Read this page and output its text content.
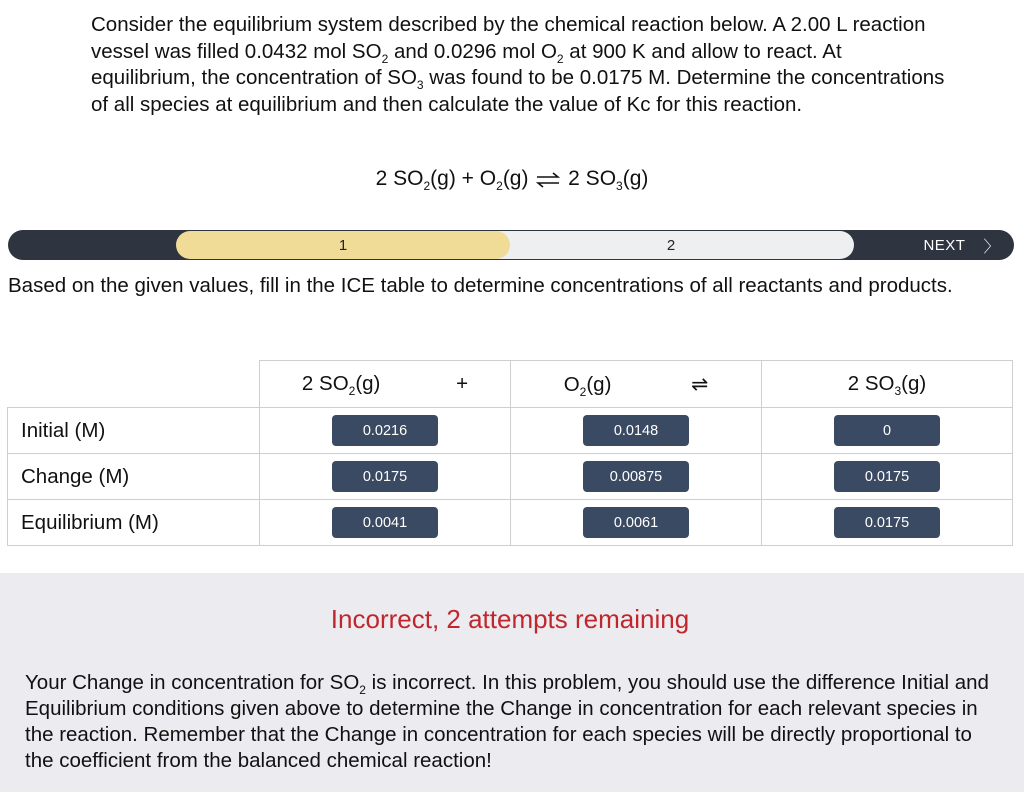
Consider the equilibrium system described by the chemical reaction below. A 2.00 L reaction vessel was filled 0.0432 mol $SO_2$ and 0.0296 mol $O_2$ at 900 K and allow to react. At equilibrium, the concentration of $SO_3$ was found to be 0.0175 M. Determine the concentrations of all species at equilibrium and then calculate the value of Kc for this reaction.

2 $SO_2(g) + O_2(g)$ ⇌ 2 $SO_3(g)$
2
1	NEXT 〉

Based on the given values, fill in the ICE table to determine concentrations of all reactants and products.

	2 $SO_2(g)$ +	$O_2(g)$ ⇌	2 $SO_3(g)$
Initial (M)	0.0216	0.0148	0
Change (M)	0.0175	0.00875	0.0175
Equilibrium (M)	0.0041	0.0061	0.0175
Incorrect, 2 attempts remaining

Your Change in concentration for $SO_2$ is incorrect. In this problem, you should use the difference Initial and Equilibrium conditions given above to determine the Change in concentration for each relevant species in the reaction. Remember that the Change in concentration for each species will be directly proportional to the coefficient from the balanced chemical reaction!
